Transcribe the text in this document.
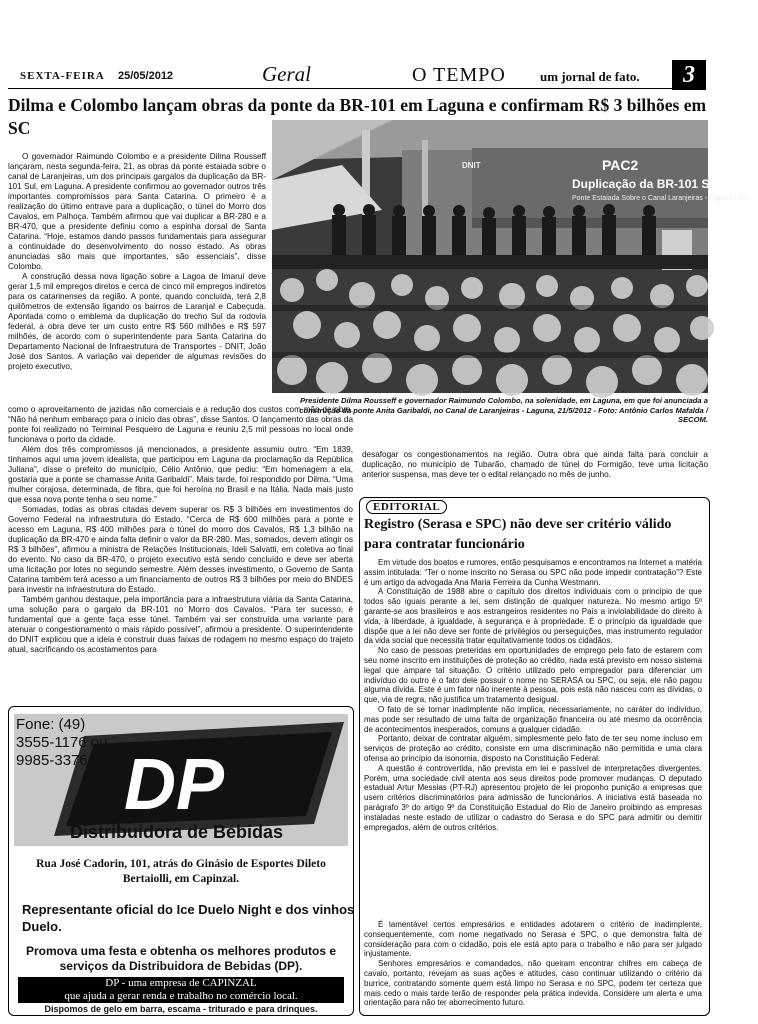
SEXTA-FEIRA 25/05/2012	Geral	O TEMPO	um jornal de fato.	3
Dilma e Colombo lançam obras da ponte da BR-101 em Laguna e confirmam R$ 3 bilhões em SC
PAC2
Duplicação da BR-101 SUL
Ponte Estaiada Sobre o Canal Laranjeiras - Laguna / SC
DNIT
Presidente Dilma Rousseff e governador Raimundo Colombo, na solenidade, em Laguna, em que foi anunciada a construção da ponte Anita Garibaldi, no Canal de Laranjeiras - Laguna, 21/5/2012 - Foto: Antônio Carlos Mafalda / SECOM.

O governador Raimundo Colombo e a presidente Dilma Rousseff lançaram, nesta segunda-feira, 21, as obras da ponte estaiada sobre o canal de Laranjeiras, um dos principais gargalos da duplicação da BR-101 Sul, em Laguna. A presidente confirmou ao governador outros três importantes compromissos para Santa Catarina. O primeiro é a realização do último entrave para a duplicação, o túnel do Morro dos Cavalos, em Palhoça. Também afirmou que vai duplicar a BR-280 e a BR-470, que a presidente definiu como a espinha dorsal de Santa Catarina. “Hoje, estamos dando passos fundamentais para assegurar a continuidade do desenvolvimento do nosso estado. As obras anunciadas são mais que importantes, são essenciais”, disse Colombo.

A construção dessa nova ligação sobre a Lagoa de Imaruí deve gerar 1,5 mil empregos diretos e cerca de cinco mil empregos indiretos para os catarinenses da região. A ponte, quando concluída, terá 2,8 quilômetros de extensão ligando os bairros de Laranjal e Cabeçuda. Apontada como o emblema da duplicação do trecho Sul da rodovia federal, a obra deve ter um custo entre R$ 560 milhões e R$ 597 milhões, de acordo com o superintendente para Santa Catarina do Departamento Nacional de Infraestrutura de Transportes - DNIT, João José dos Santos. A variação vai depender de algumas revisões do projeto executivo,

como o aproveitamento de jazidas não comerciais e a redução dos custos com mão de obra. “Não há nenhum embaraço para o início das obras”, disse Santos. O lançamento das obras da ponte foi realizado no Terminal Pesqueiro de Laguna e reuniu 2,5 mil pessoas no local onde funcionava o porto da cidade.

Além dos três compromissos já mencionados, a presidente assumiu outro. “Em 1839, tínhamos aqui uma jovem idealista, que participou em Laguna da proclamação da República Juliana”, disse o prefeito do município, Célio Antônio, que pediu: “Em homenagem a ela, gostaria que a ponte se chamasse Anita Garibaldi”. Mais tarde, foi respondido por Dilma. “Uma mulher corajosa, determinada, de fibra, que foi heroína no Brasil e na Itália. Nada mais justo que essa nova ponte tenha o seu nome.”

Somadas, todas as obras citadas devem superar os R$ 3 bilhões em investimentos do Governo Federal na infraestrutura do Estado. “Cerca de R$ 600 milhões para a ponte e acesso em Laguna, R$ 400 milhões para o túnel do morro dos Cavalos, R$ 1,3 bilhão na duplicação da BR-470 e ainda falta definir o valor da BR-280. Mas, somados, devem atingir os R$ 3 bilhões”, afirmou a ministra de Relações Institucionais, Ideli Salvatti, em coletiva ao final do evento. No caso da BR-470, o projeto executivo está sendo concluído e deve ser aberta uma licitação por lotes no segundo semestre. Além desses investimento, o Governo de Santa Catarina também terá acesso a um financiamento de outros R$ 3 bilhões por meio do BNDES para investir na infraestrutura do Estado.

Também ganhou destaque, pela importância para a infraestrutura viária da Santa Catarina, uma solução para o gargalo da BR-101 no Morro dos Cavalos. “Para ter sucesso, é fundamental que a gente faça esse túnel. Também vai ser construída uma variante para atenuar o congestionamento o mais rápido possível”, afirmou a presidente. O superintendente do DNIT explicou que a ideia é construir duas faixas de rodagem no mesmo espaço do trajeto atual, sacrificando os acostamentos para

desafogar os congestionamentos na região. Outra obra que ainda falta para concluir a duplicação, no município de Tubarão, chamado de túnel do Formigão, teve uma licitação anterior suspensa, mas deve ter o edital relançado no mês de junho.

DP
Fone: (49)
3555-1176 ou
9985-3376
Distribuidora de Bebidas
Rua José Cadorin, 101, atrás do Ginásio de Esportes Dileto Bertaiolli, em Capinzal.
Representante oficial do Ice Duelo Night e dos vinhos Duelo.
Promova uma festa e obtenha os melhores produtos e serviços da Distribuidora de Bebidas (DP).
DP - uma empresa de CAPINZAL
que ajuda a gerar renda e trabalho no comércio local.
Dispomos de gelo em barra, escama - triturado e para drinques.
EDITORIAL
Registro (Serasa e SPC) não deve ser critério válido para contratar funcionário

Em virtude dos boatos e rumores, então pesquisamos e encontramos na Internet a matéria assim intitulada: “Ter o nome inscrito no Serasa ou SPC não pode impedir contratação”? Este é um artigo da advogada Ana Maria Ferreira da Cunha Westmann.

A Constituição de 1988 abre o capítulo dos direitos individuais com o princípio de que todos são iguais perante a lei, sem distinção de qualquer natureza. No mesmo artigo 5º garante-se aos brasileiros e aos estrangeiros residentes no País a inviolabilidade do direito à vida, à liberdade, à igualdade, à segurança e à propriedade. É o princípio da igualdade que dispõe que a lei não deve ser fonte de privilégios ou perseguições, mas instrumento regulador da vida social que necessita tratar equitativamente todos os cidadãos.

No caso de pessoas preteridas em oportunidades de emprego pelo fato de estarem com seu nome inscrito em instituições de proteção ao crédito, nada está previsto em nosso sistema legal que ampare tal situação. O critério utilizado pelo empregador para diferenciar um indivíduo do outro é o fato dele possuir o nome no SERASA ou SPC, ou seja, ele não pagou alguma dívida. Este é um fator não inerente à pessoa, pois esta não nasceu com as dívidas, o que, via de regra, não justifica um tratamento desigual.

O fato de se tornar inadimplente não implica, necessariamente, no caráter do indivíduo, mas pode ser resultado de uma falta de organização financeira ou até mesmo da ocorrência de acontecimentos inesperados, comuns a qualquer cidadão.

Portanto, deixar de contratar alguém, simplesmente pelo fato de ter seu nome incluso em serviços de proteção ao crédito, consiste em uma discriminação não permitida e uma clara ofensa ao princípio da isonomia, disposto na Constituição Federal.

A questão é controvertida, não prevista em lei e passível de interpretações divergentes. Porém, uma sociedade civil atenta aos seus direitos pode promover mudanças. O deputado estadual Artur Messias (PT-RJ) apresentou projeto de lei proponho punição a empresas que usem critérios discriminatórios para admissão de funcionários. A iniciativa está baseada no parágrafo 3º do artigo 9º da Constituição Estadual do Rio de Janeiro proibindo as empresas instaladas neste estado de utilizar o cadastro do Serasa e do SPC para admitir ou demitir empregados, além de outros critérios.

É lamentável certos empresários e entidades adotarem o critério de inadimplente, consequentemente, com nome negativado no Serasa e SPC, o que demonstra falta de consideração para com o cidadão, pois ele está apto para o trabalho e não para ser julgado injustamente.

Senhores empresários e comandados, não queiram encontrar chifres em cabeça de cavalo, portanto, revejam as suas ações e atitudes, caso continuar utilizando o critério da burrice, contratando somente quem está limpo no Serasa e no SPC, podem ter certeza que mais cedo o mais tarde terão de responder pela prática indevida. Considere um alerta e uma orientação para não ter aborrecimento futuro.
